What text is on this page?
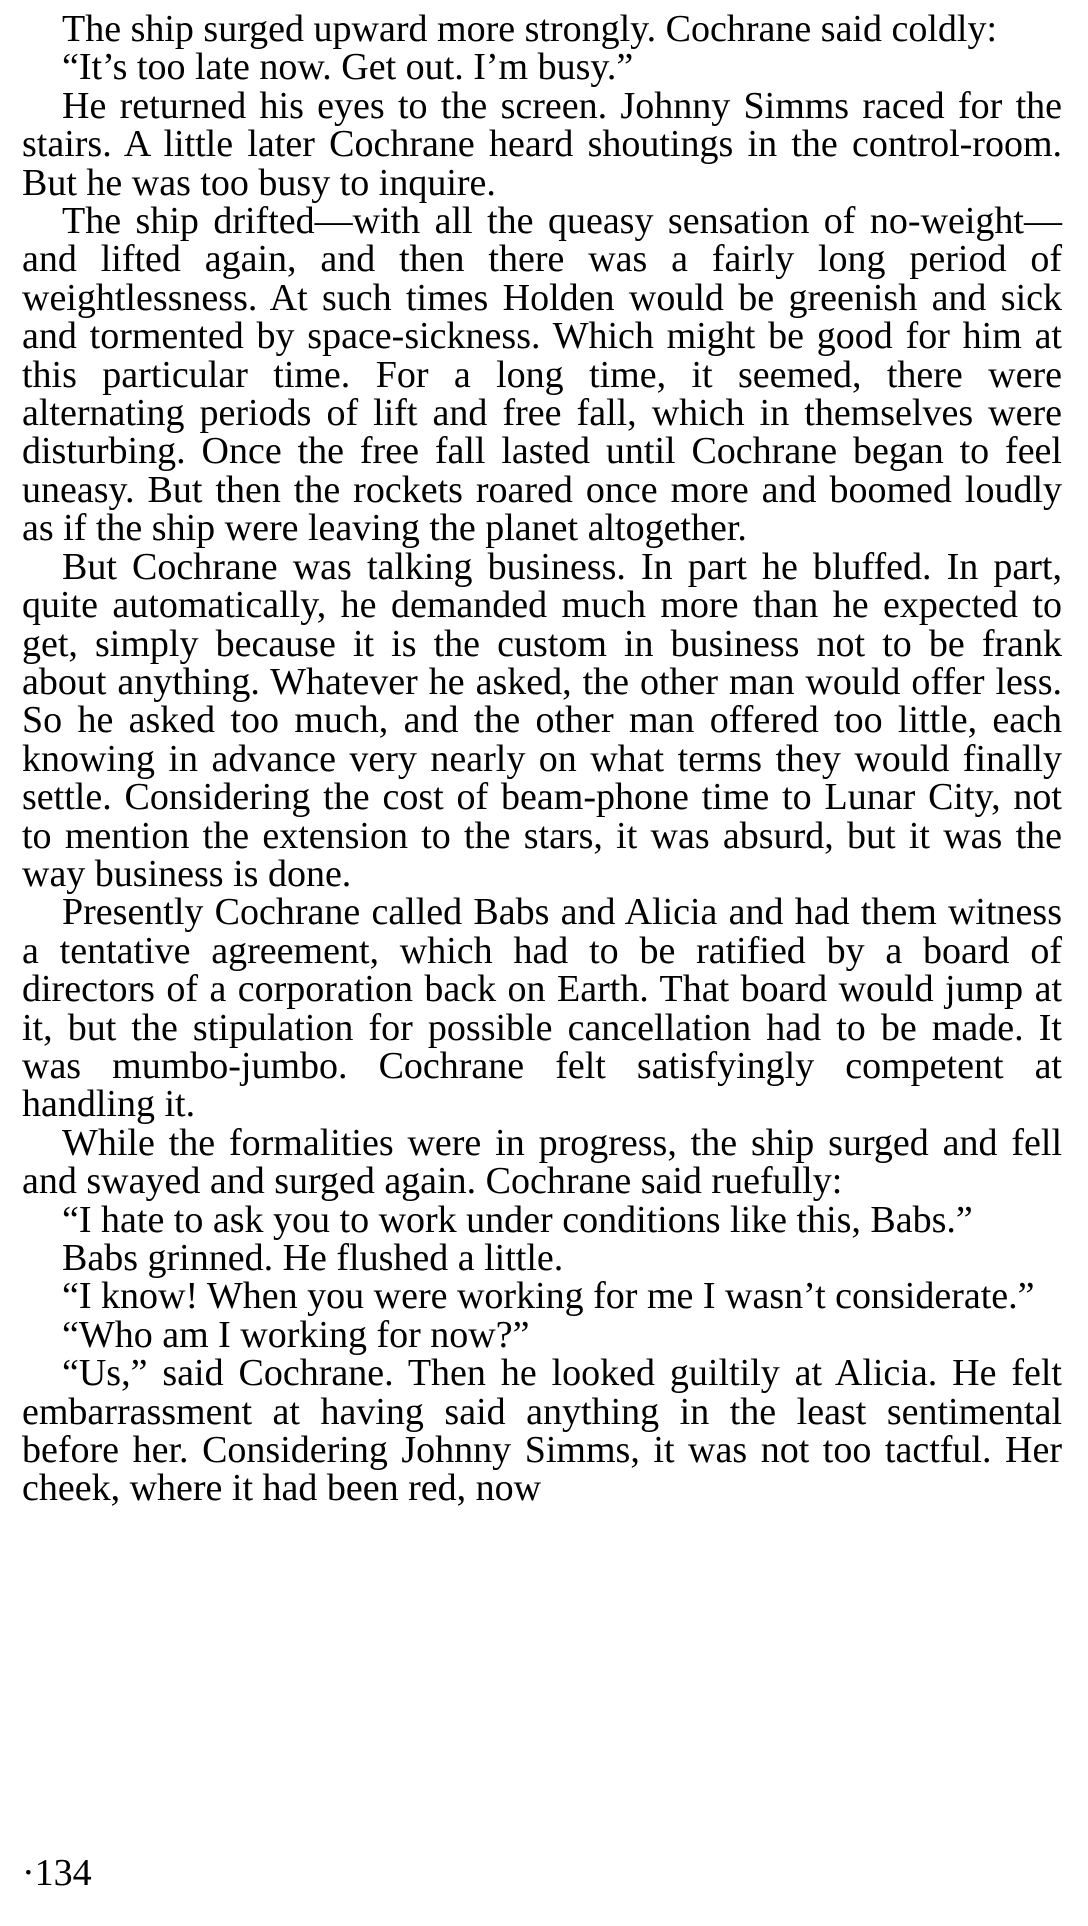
The ship surged upward more strongly. Cochrane said coldly:

“It’s too late now. Get out. I’m busy.”

He returned his eyes to the screen. Johnny Simms raced for the stairs. A little later Cochrane heard shoutings in the control-room. But he was too busy to inquire.

The ship drifted—with all the queasy sensation of no-weight—and lifted again, and then there was a fairly long period of weightlessness. At such times Holden would be greenish and sick and tormented by space-sickness. Which might be good for him at this particular time. For a long time, it seemed, there were alternating periods of lift and free fall, which in themselves were disturbing. Once the free fall lasted until Cochrane began to feel uneasy. But then the rockets roared once more and boomed loudly as if the ship were leaving the planet altogether.

But Cochrane was talking business. In part he bluffed. In part, quite automatically, he demanded much more than he expected to get, simply because it is the custom in business not to be frank about anything. Whatever he asked, the other man would offer less. So he asked too much, and the other man offered too little, each knowing in advance very nearly on what terms they would finally settle. Considering the cost of beam-phone time to Lunar City, not to mention the extension to the stars, it was absurd, but it was the way business is done.

Presently Cochrane called Babs and Alicia and had them witness a tentative agreement, which had to be ratified by a board of directors of a corporation back on Earth. That board would jump at it, but the stipulation for possible cancellation had to be made. It was mumbo-jumbo. Cochrane felt satisfyingly competent at handling it.

While the formalities were in progress, the ship surged and fell and swayed and surged again. Cochrane said ruefully:

“I hate to ask you to work under conditions like this, Babs.”

Babs grinned. He flushed a little.

“I know! When you were working for me I wasn’t considerate.”

“Who am I working for now?”

“Us,” said Cochrane. Then he looked guiltily at Alicia. He felt embarrassment at having said anything in the least sentimental before her. Considering Johnny Simms, it was not too tactful. Her cheek, where it had been red, now

·134
